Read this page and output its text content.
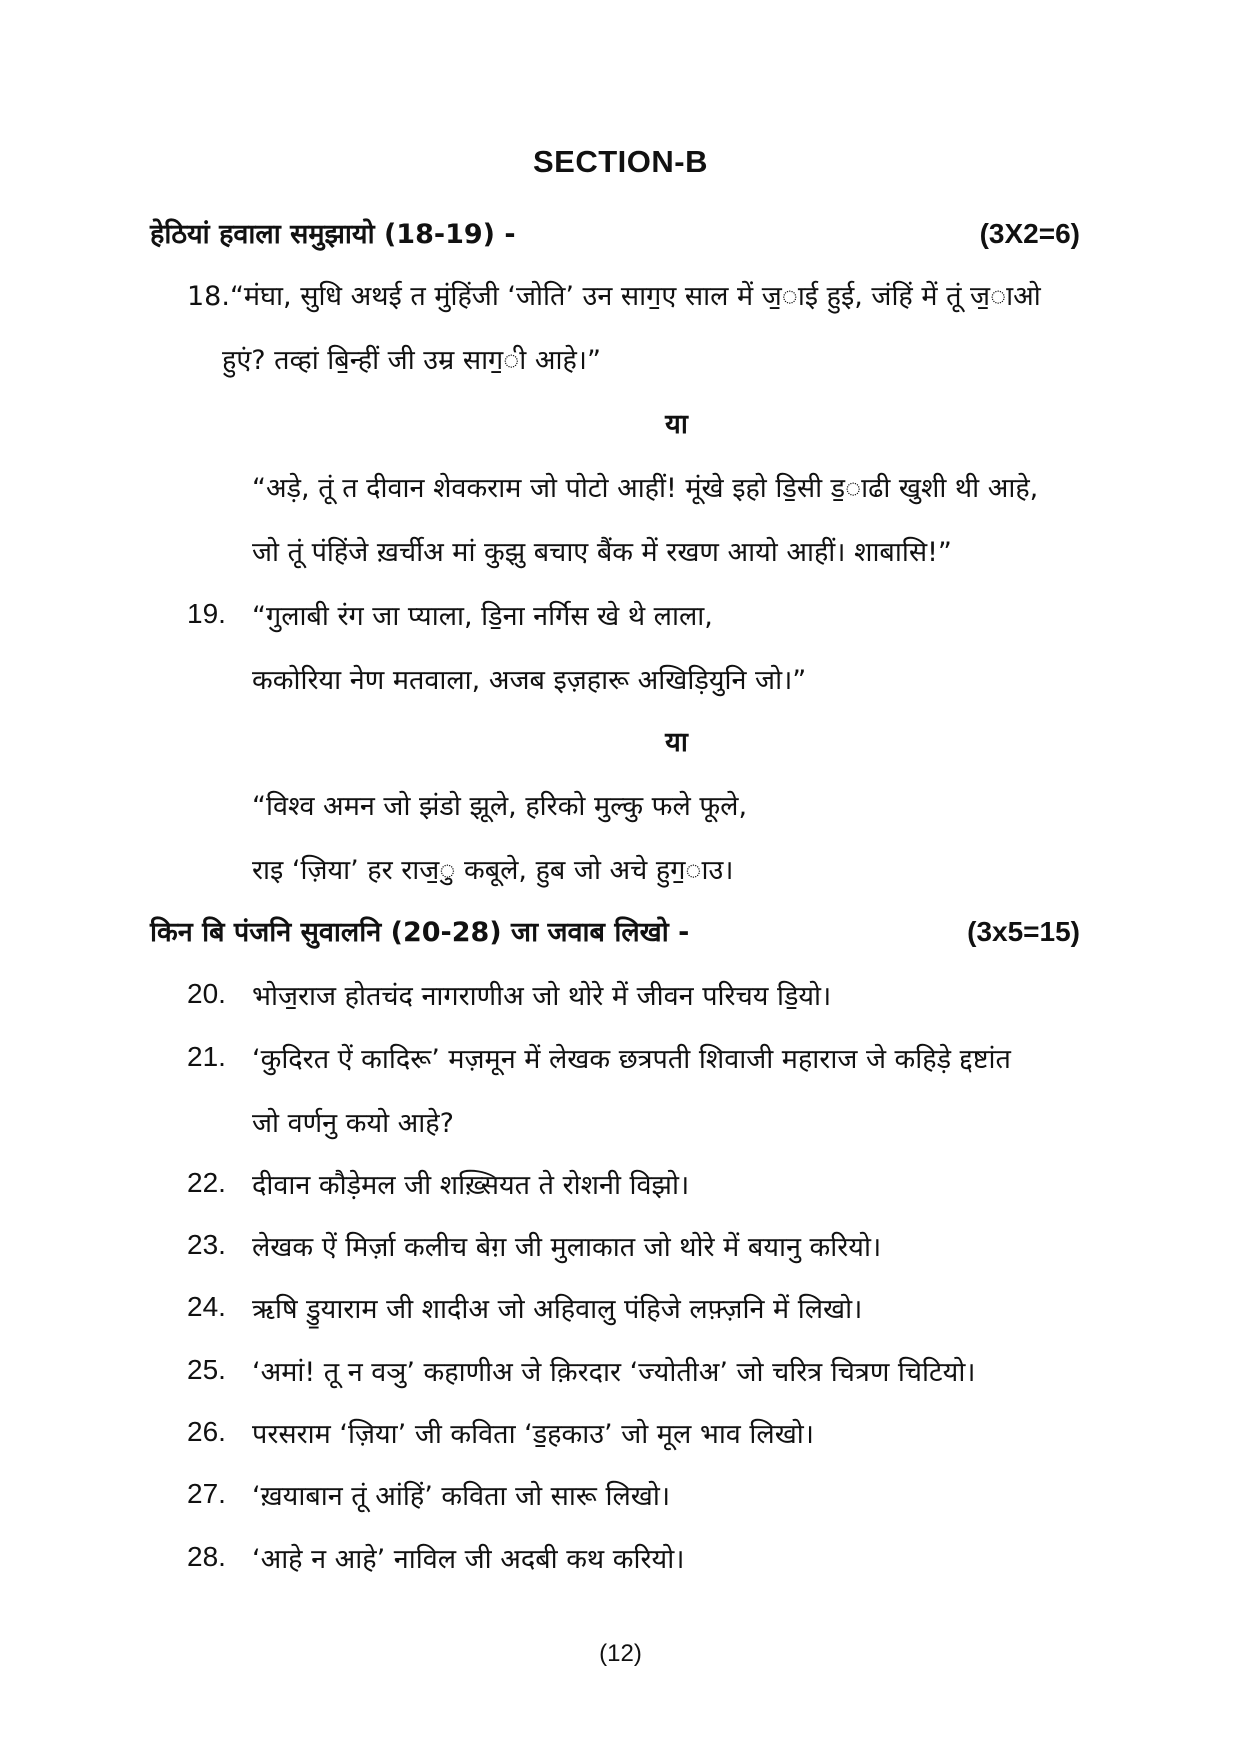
SECTION-B
हेठियां हवाला समुझायो (18-19) -	(3X2=6)
18.“मंघा, सुधि अथई त मुंहिंजी ‘जोति’ उन साग॒ए साल में ज॒ाई हुई, जंहिं में तूं ज॒ाओ
हुएं? तव्हां बि॒न्हीं जी उम्र साग॒ी आहे।”
या
“अड़े, तूं त दीवान शेवकराम जो पोटो आहीं! मूंखे इहो डि॒सी ड॒ाढी खुशी थी आहे,
जो तूं पंहिंजे ख़र्चीअ मां कुझु बचाए बैंक में रखण आयो आहीं। शाबासि!”
19. “गुलाबी रंग जा प्याला, डि॒ना नर्गिस खे थे लाला,
ककोरिया नेण मतवाला, अजब इज़हारू अखिड़ियुनि जो।”
या
“विश्व अमन जो झंडो झूले, हरिको मुल्कु फले फूले,
राइ ‘ज़िया’ हर राज॒ु कबूले, हुब जो अचे हुग॒ाउ।
किन बि पंजनि सुवालनि (20-28) जा जवाब लिखो -	(3x5=15)
20. भोज॒राज होतचंद नागराणीअ जो थोरे में जीवन परिचय डि॒यो।
21. ‘कुदिरत ऐं कादिरू’ मज़मून में लेखक छत्रपती शिवाजी महाराज जे कहिड़े द्दष्टांत
जो वर्णनु कयो आहे?
22. दीवान कौड़ेमल जी शख़्सियत ते रोशनी विझो।
23. लेखक ऐं मिर्ज़ा कलीच बेग़ जी मुलाकात जो थोरे में बयानु करियो।
24. ऋषि डु॒याराम जी शादीअ जो अहिवालु पंहिजे लफ़्ज़नि में लिखो।
25. ‘अमां! तू न वञु’ कहाणीअ जे क़िरदार ‘ज्योतीअ’ जो चरित्र चित्रण चिटियो।
26. परसराम ‘ज़िया’ जी कविता ‘ड॒हकाउ’ जो मूल भाव लिखो।
27. ‘ख़याबान तूं आंहिं’ कविता जो सारू लिखो।
28. ‘आहे न आहे’ नाविल जी अदबी कथ करियो।
(12)
